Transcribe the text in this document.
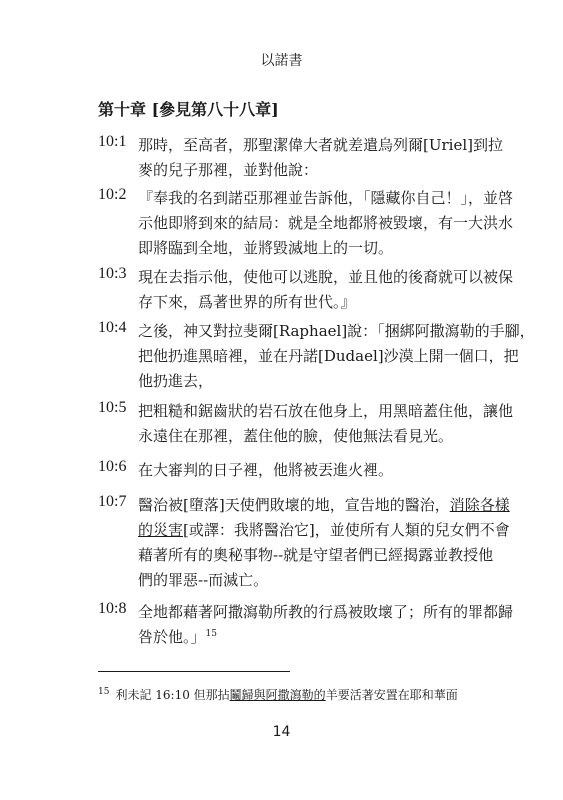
以諾書
第十章 [參見第八十八章]
10:1 那時，至高者，那聖潔偉大者就差遣烏列爾[Uriel]到拉
麥的兒子那裡，並對他說：
10:2 『奉我的名到諾亞那裡並告訴他，「隱藏你自己！」，並啓
示他即將到來的結局：就是全地都將被毀壞，有一大洪水
即將臨到全地，並將毀滅地上的一切。
10:3 現在去指示他，使他可以逃脫，並且他的後裔就可以被保
存下來，爲著世界的所有世代。』
10:4 之後，神又對拉斐爾[Raphael]說：「捆綁阿撒瀉勒的手腳，
把他扔進黑暗裡，並在丹諾[Dudael]沙漠上開一個口，把
他扔進去，
10:5 把粗糙和鋸齒狀的岩石放在他身上，用黑暗蓋住他，讓他
永遠住在那裡，蓋住他的臉，使他無法看見光。
10:6 在大審判的日子裡，他將被丟進火裡。
10:7 醫治被[墮落]天使們敗壞的地，宣告地的醫治，消除各樣
的災害[或譯：我將醫治它]，並使所有人類的兒女們不會
藉著所有的奧秘事物--就是守望者們已經揭露並教授他
們的罪惡--而滅亡。
10:8 全地都藉著阿撒瀉勒所教的行爲被敗壞了；所有的罪都歸
咎於他。」$^{15}$
$^{15}$ 利未記 16:10 但那拈鬮歸與阿撒瀉勒的羊要活著安置在耶和華面
14
